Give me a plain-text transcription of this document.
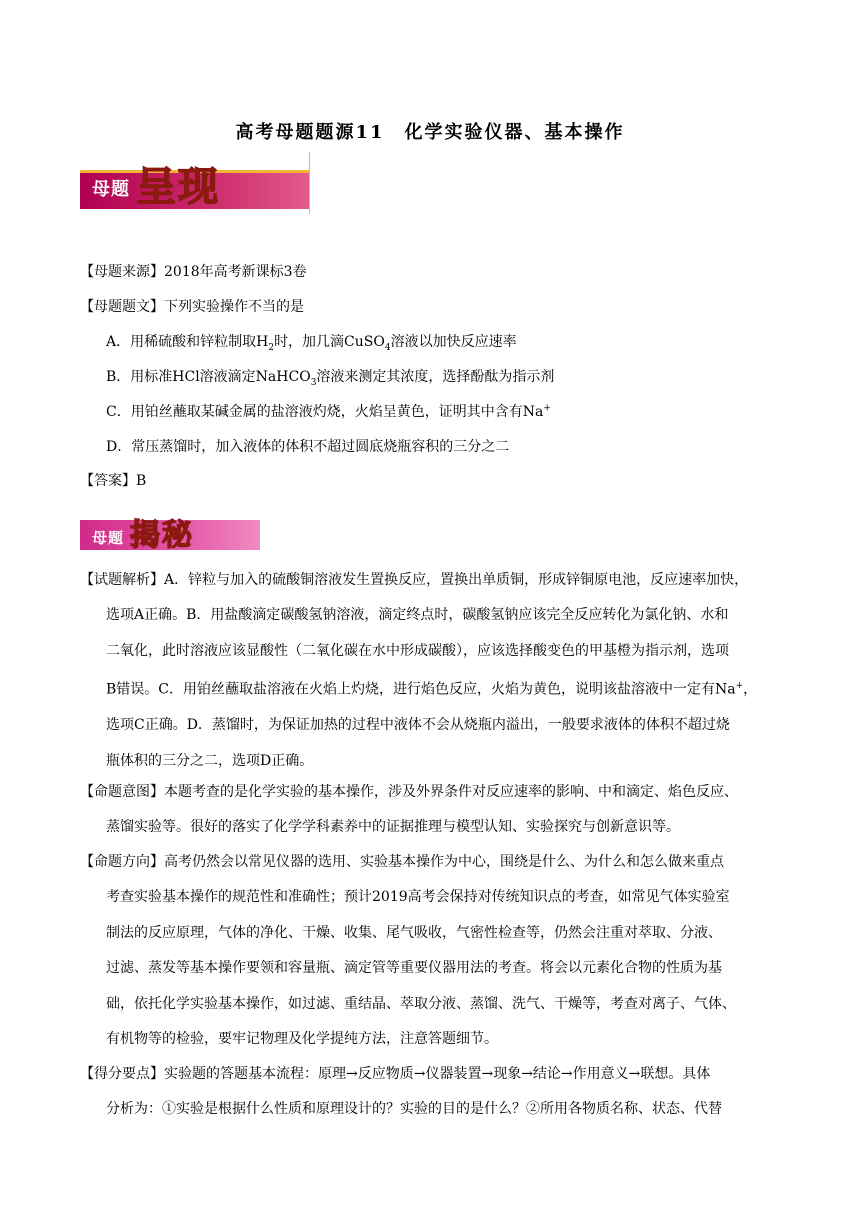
高考母题题源11　化学实验仪器、基本操作
母题 呈现
【母题来源】2018年高考新课标3卷
【母题题文】下列实验操作不当的是
A．用稀硫酸和锌粒制取$H_2$时，加几滴CuSO$_4$溶液以加快反应速率
B．用标准HCl溶液滴定NaHCO$_3$溶液来测定其浓度，选择酚酞为指示剂
C．用铂丝蘸取某碱金属的盐溶液灼烧，火焰呈黄色，证明其中含有Na+
D．常压蒸馏时，加入液体的体积不超过圆底烧瓶容积的三分之二
【答案】B
母题 揭秘
【试题解析】A．锌粒与加入的硫酸铜溶液发生置换反应，置换出单质铜，形成锌铜原电池，反应速率加快，
选项A正确。B．用盐酸滴定碳酸氢钠溶液，滴定终点时，碳酸氢钠应该完全反应转化为氯化钠、水和
二氧化，此时溶液应该显酸性（二氧化碳在水中形成碳酸），应该选择酸变色的甲基橙为指示剂，选项
B错误。C．用铂丝蘸取盐溶液在火焰上灼烧，进行焰色反应，火焰为黄色，说明该盐溶液中一定有Na+，
选项C正确。D．蒸馏时，为保证加热的过程中液体不会从烧瓶内溢出，一般要求液体的体积不超过烧
瓶体积的三分之二，选项D正确。
【命题意图】本题考查的是化学实验的基本操作，涉及外界条件对反应速率的影响、中和滴定、焰色反应、
蒸馏实验等。很好的落实了化学学科素养中的证据推理与模型认知、实验探究与创新意识等。
【命题方向】高考仍然会以常见仪器的选用、实验基本操作为中心，围绕是什么、为什么和怎么做来重点
考查实验基本操作的规范性和准确性；预计2019高考会保持对传统知识点的考查，如常见气体实验室
制法的反应原理，气体的净化、干燥、收集、尾气吸收，气密性检查等，仍然会注重对萃取、分液、
过滤、蒸发等基本操作要领和容量瓶、滴定管等重要仪器用法的考查。将会以元素化合物的性质为基
础，依托化学实验基本操作，如过滤、重结晶、萃取分液、蒸馏、洗气、干燥等，考查对离子、气体、
有机物等的检验，要牢记物理及化学提纯方法，注意答题细节。
【得分要点】实验题的答题基本流程：原理→反应物质→仪器装置→现象→结论→作用意义→联想。具体
分析为：①实验是根据什么性质和原理设计的？实验的目的是什么？②所用各物质名称、状态、代替
